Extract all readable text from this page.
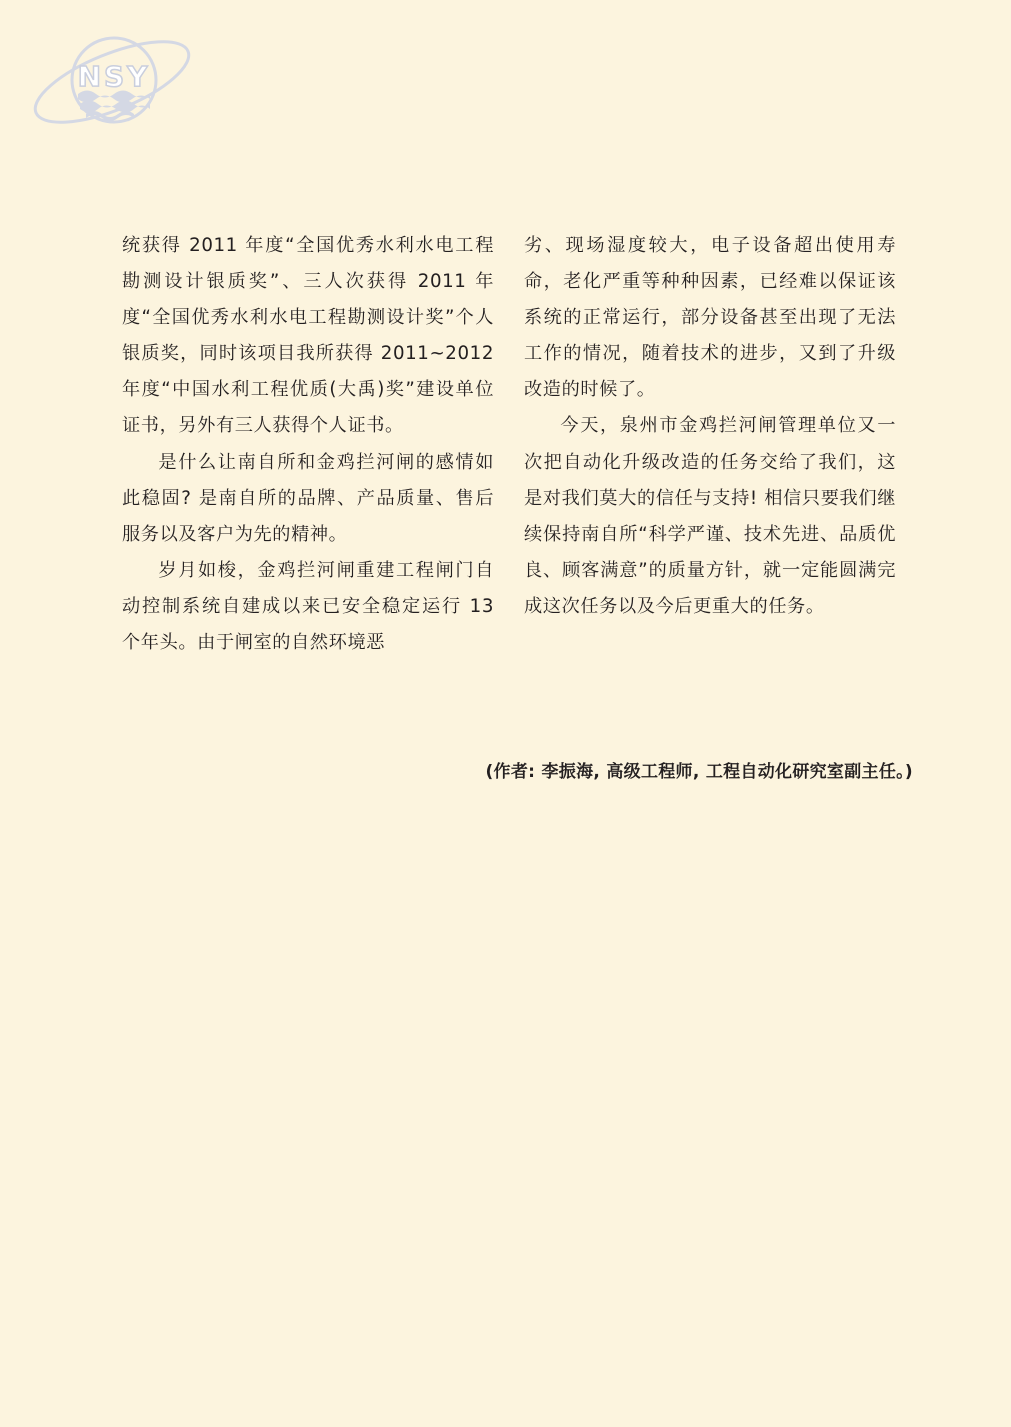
NSY

统获得 2011 年度“全国优秀水利水电工程勘测设计银质奖”、三人次获得 2011 年度“全国优秀水利水电工程勘测设计奖”个人银质奖，同时该项目我所获得 2011~2012 年度“中国水利工程优质(大禹)奖”建设单位证书，另外有三人获得个人证书。

是什么让南自所和金鸡拦河闸的感情如此稳固? 是南自所的品牌、产品质量、售后服务以及客户为先的精神。

岁月如梭，金鸡拦河闸重建工程闸门自动控制系统自建成以来已安全稳定运行 13 个年头。由于闸室的自然环境恶

劣、现场湿度较大，电子设备超出使用寿命，老化严重等种种因素，已经难以保证该系统的正常运行，部分设备甚至出现了无法工作的情况，随着技术的进步，又到了升级改造的时候了。

今天，泉州市金鸡拦河闸管理单位又一次把自动化升级改造的任务交给了我们，这是对我们莫大的信任与支持! 相信只要我们继续保持南自所“科学严谨、技术先进、品质优良、顾客满意”的质量方针，就一定能圆满完成这次任务以及今后更重大的任务。

(作者: 李振海, 高级工程师, 工程自动化研究室副主任。)
